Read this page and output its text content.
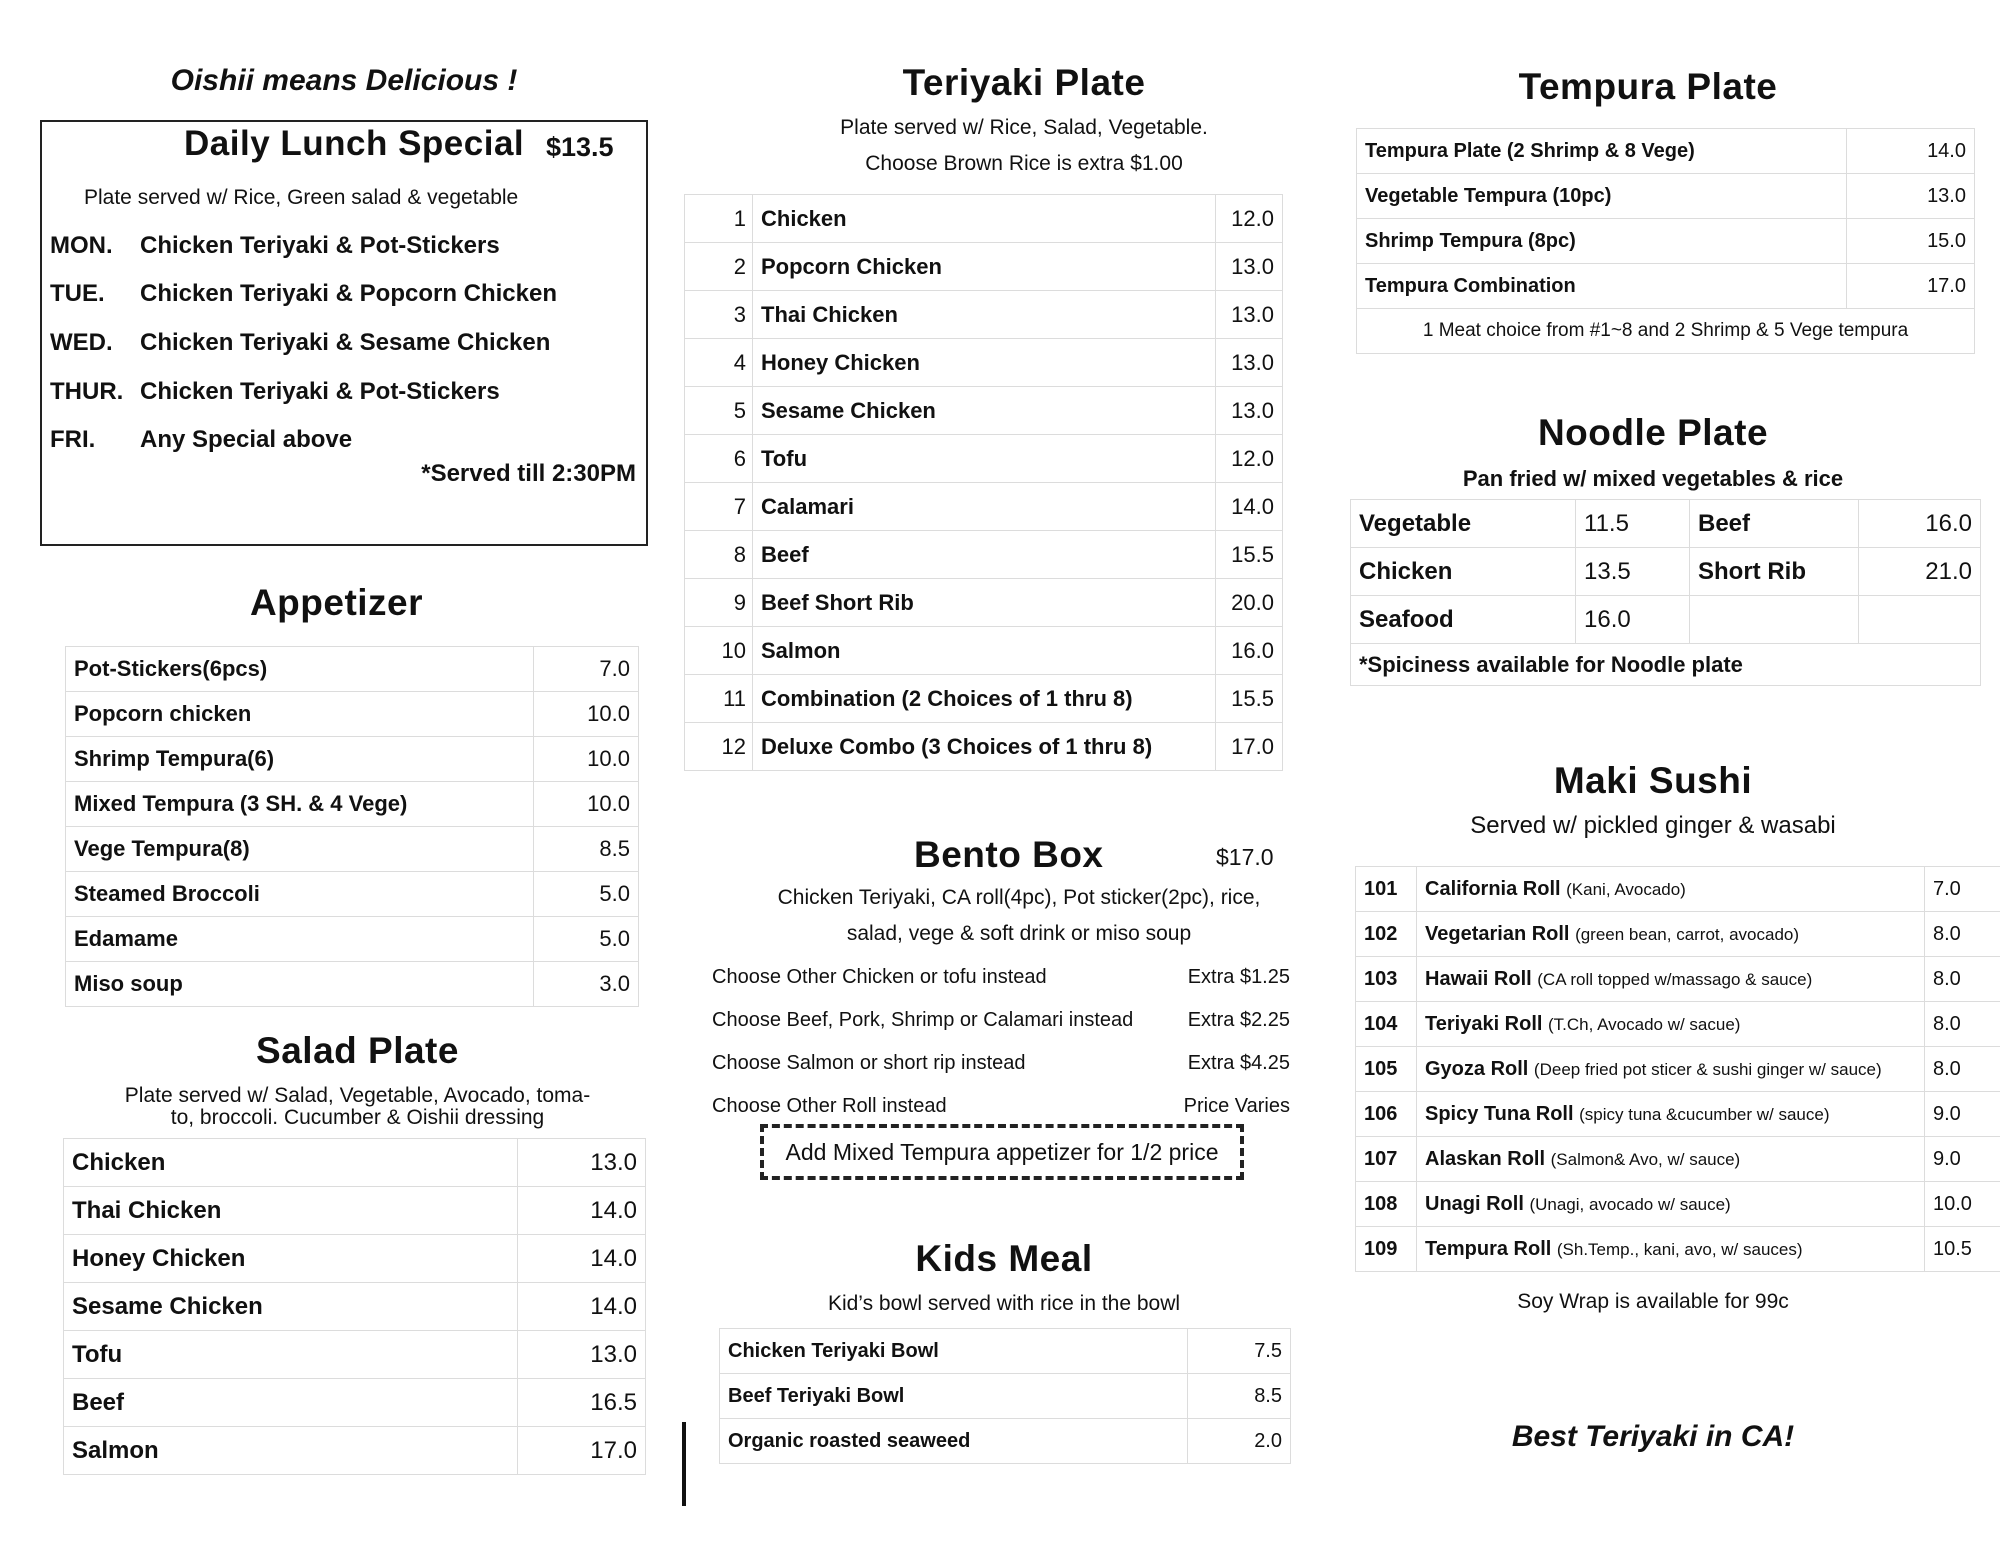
Oishii means Delicious !
Daily Lunch Special $13.5
Plate served w/ Rice, Green salad & vegetable
MON. Chicken Teriyaki & Pot-Stickers
TUE. Chicken Teriyaki & Popcorn Chicken
WED. Chicken Teriyaki & Sesame Chicken
THUR. Chicken Teriyaki & Pot-Stickers
FRI. Any Special above
*Served till 2:30PM
Appetizer
Pot-Stickers(6pcs)	7.0
Popcorn chicken	10.0
Shrimp Tempura(6)	10.0
Mixed Tempura (3 SH. & 4 Vege)	10.0
Vege Tempura(8)	8.5
Steamed Broccoli	5.0
Edamame	5.0
Miso soup	3.0
Salad Plate
Plate served w/ Salad, Vegetable, Avocado, toma-
to, broccoli. Cucumber & Oishii dressing
Chicken	13.0
Thai Chicken	14.0
Honey Chicken	14.0
Sesame Chicken	14.0
Tofu	13.0
Beef	16.5
Salmon	17.0
Teriyaki Plate
Plate served w/ Rice, Salad, Vegetable.
Choose Brown Rice is extra $1.00
1	Chicken	12.0
2	Popcorn Chicken	13.0
3	Thai Chicken	13.0
4	Honey Chicken	13.0
5	Sesame Chicken	13.0
6	Tofu	12.0
7	Calamari	14.0
8	Beef	15.5
9	Beef Short Rib	20.0
10	Salmon	16.0
11	Combination (2 Choices of 1 thru 8)	15.5
12	Deluxe Combo (3 Choices of 1 thru 8)	17.0
Bento Box	$17.0
Chicken Teriyaki, CA roll(4pc), Pot sticker(2pc), rice,
salad, vege & soft drink or miso soup
Choose Other Chicken or tofu instead	Extra $1.25
Choose Beef, Pork, Shrimp or Calamari instead	Extra $2.25
Choose Salmon or short rip instead	Extra $4.25
Choose Other Roll instead	Price Varies
Add Mixed Tempura appetizer for 1/2 price
Kids Meal
Kid’s bowl served with rice in the bowl
Chicken Teriyaki Bowl	7.5
Beef Teriyaki Bowl	8.5
Organic roasted seaweed	2.0
Tempura Plate
Tempura Plate (2 Shrimp & 8 Vege)	14.0
Vegetable Tempura (10pc)	13.0
Shrimp Tempura (8pc)	15.0
Tempura Combination	17.0
1 Meat choice from #1~8 and 2 Shrimp & 5 Vege tempura	
Noodle Plate
Pan fried w/ mixed vegetables & rice
Vegetable	11.5	Beef	16.0
Chicken	13.5	Short Rib	21.0
Seafood	16.0		
*Spiciness available for Noodle plate			
Maki Sushi
Served w/ pickled ginger & wasabi
101	California Roll (Kani, Avocado)	7.0
102	Vegetarian Roll (green bean, carrot, avocado)	8.0
103	Hawaii Roll (CA roll topped w/massago & sauce)	8.0
104	Teriyaki Roll (T.Ch, Avocado w/ sacue)	8.0
105	Gyoza Roll (Deep fried pot sticer & sushi ginger w/ sauce)	8.0
106	Spicy Tuna Roll (spicy tuna &cucumber w/ sauce)	9.0
107	Alaskan Roll (Salmon& Avo, w/ sauce)	9.0
108	Unagi Roll (Unagi, avocado w/ sauce)	10.0
109	Tempura Roll (Sh.Temp., kani, avo, w/ sauces)	10.5
Soy Wrap is available for 99c
Best Teriyaki in CA!
